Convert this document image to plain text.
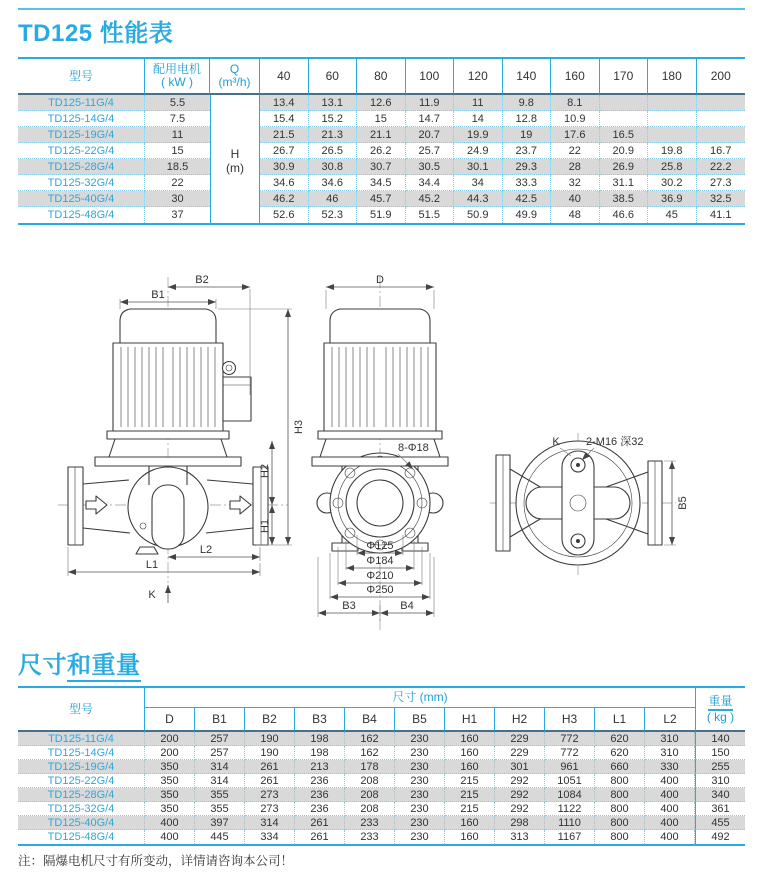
TD125 性能表
型号	配用电机
( kW )
Q
(m³/h)	40	60	80	100	120	140	160	170	180	200
TD125-11G/4	5.5	13.4	13.1	12.6	11.9	11	9.8	8.1
TD125-14G/4	7.5	15.4	15.2	15	14.7	14	12.8	10.9
TD125-19G/4	11	21.5	21.3	21.1	20.7	19.9	19	17.6	16.5
TD125-22G/4	15	26.7	26.5	26.2	25.7	24.9	23.7	22	20.9	19.8	16.7
TD125-28G/4	18.5	30.9	30.8	30.7	30.5	30.1	29.3	28	26.9	25.8	22.2
TD125-32G/4	22	34.6	34.6	34.5	34.4	34	33.3	32	31.1	30.2	27.3
TD125-40G/4	30	46.2	46	45.7	45.2	44.3	42.5	40	38.5	36.9	32.5
TD125-48G/4	37	52.6	52.3	51.9	51.5	50.9	49.9	48	46.6	45	41.1
H
(m)
B2
B1
H3
H2
H1
L2
L1
K
D
8-Φ18
Φ125
Φ184
Φ210
Φ250
B3	B4
K 2-M16 深32
B5
尺寸和重量
型号
尺寸 (mm)	重量
( kg )
D	B1	B2	B3	B4	B5	H1	H2	H3	L1	L2
TD125-11G/4	200	257	190	198	162	230	160	229	772	620	310	140
TD125-14G/4	200	257	190	198	162	230	160	229	772	620	310	150
TD125-19G/4	350	314	261	213	178	230	160	301	961	660	330	255
TD125-22G/4	350	314	261	236	208	230	215	292	1051	800	400	310
TD125-28G/4	350	355	273	236	208	230	215	292	1084	800	400	340
TD125-32G/4	350	355	273	236	208	230	215	292	1122	800	400	361
TD125-40G/4	400	397	314	261	233	230	160	298	1110	800	400	455
TD125-48G/4	400	445	334	261	233	230	160	313	1167	800	400	492
注：隔爆电机尺寸有所变动，详情请咨询本公司！
